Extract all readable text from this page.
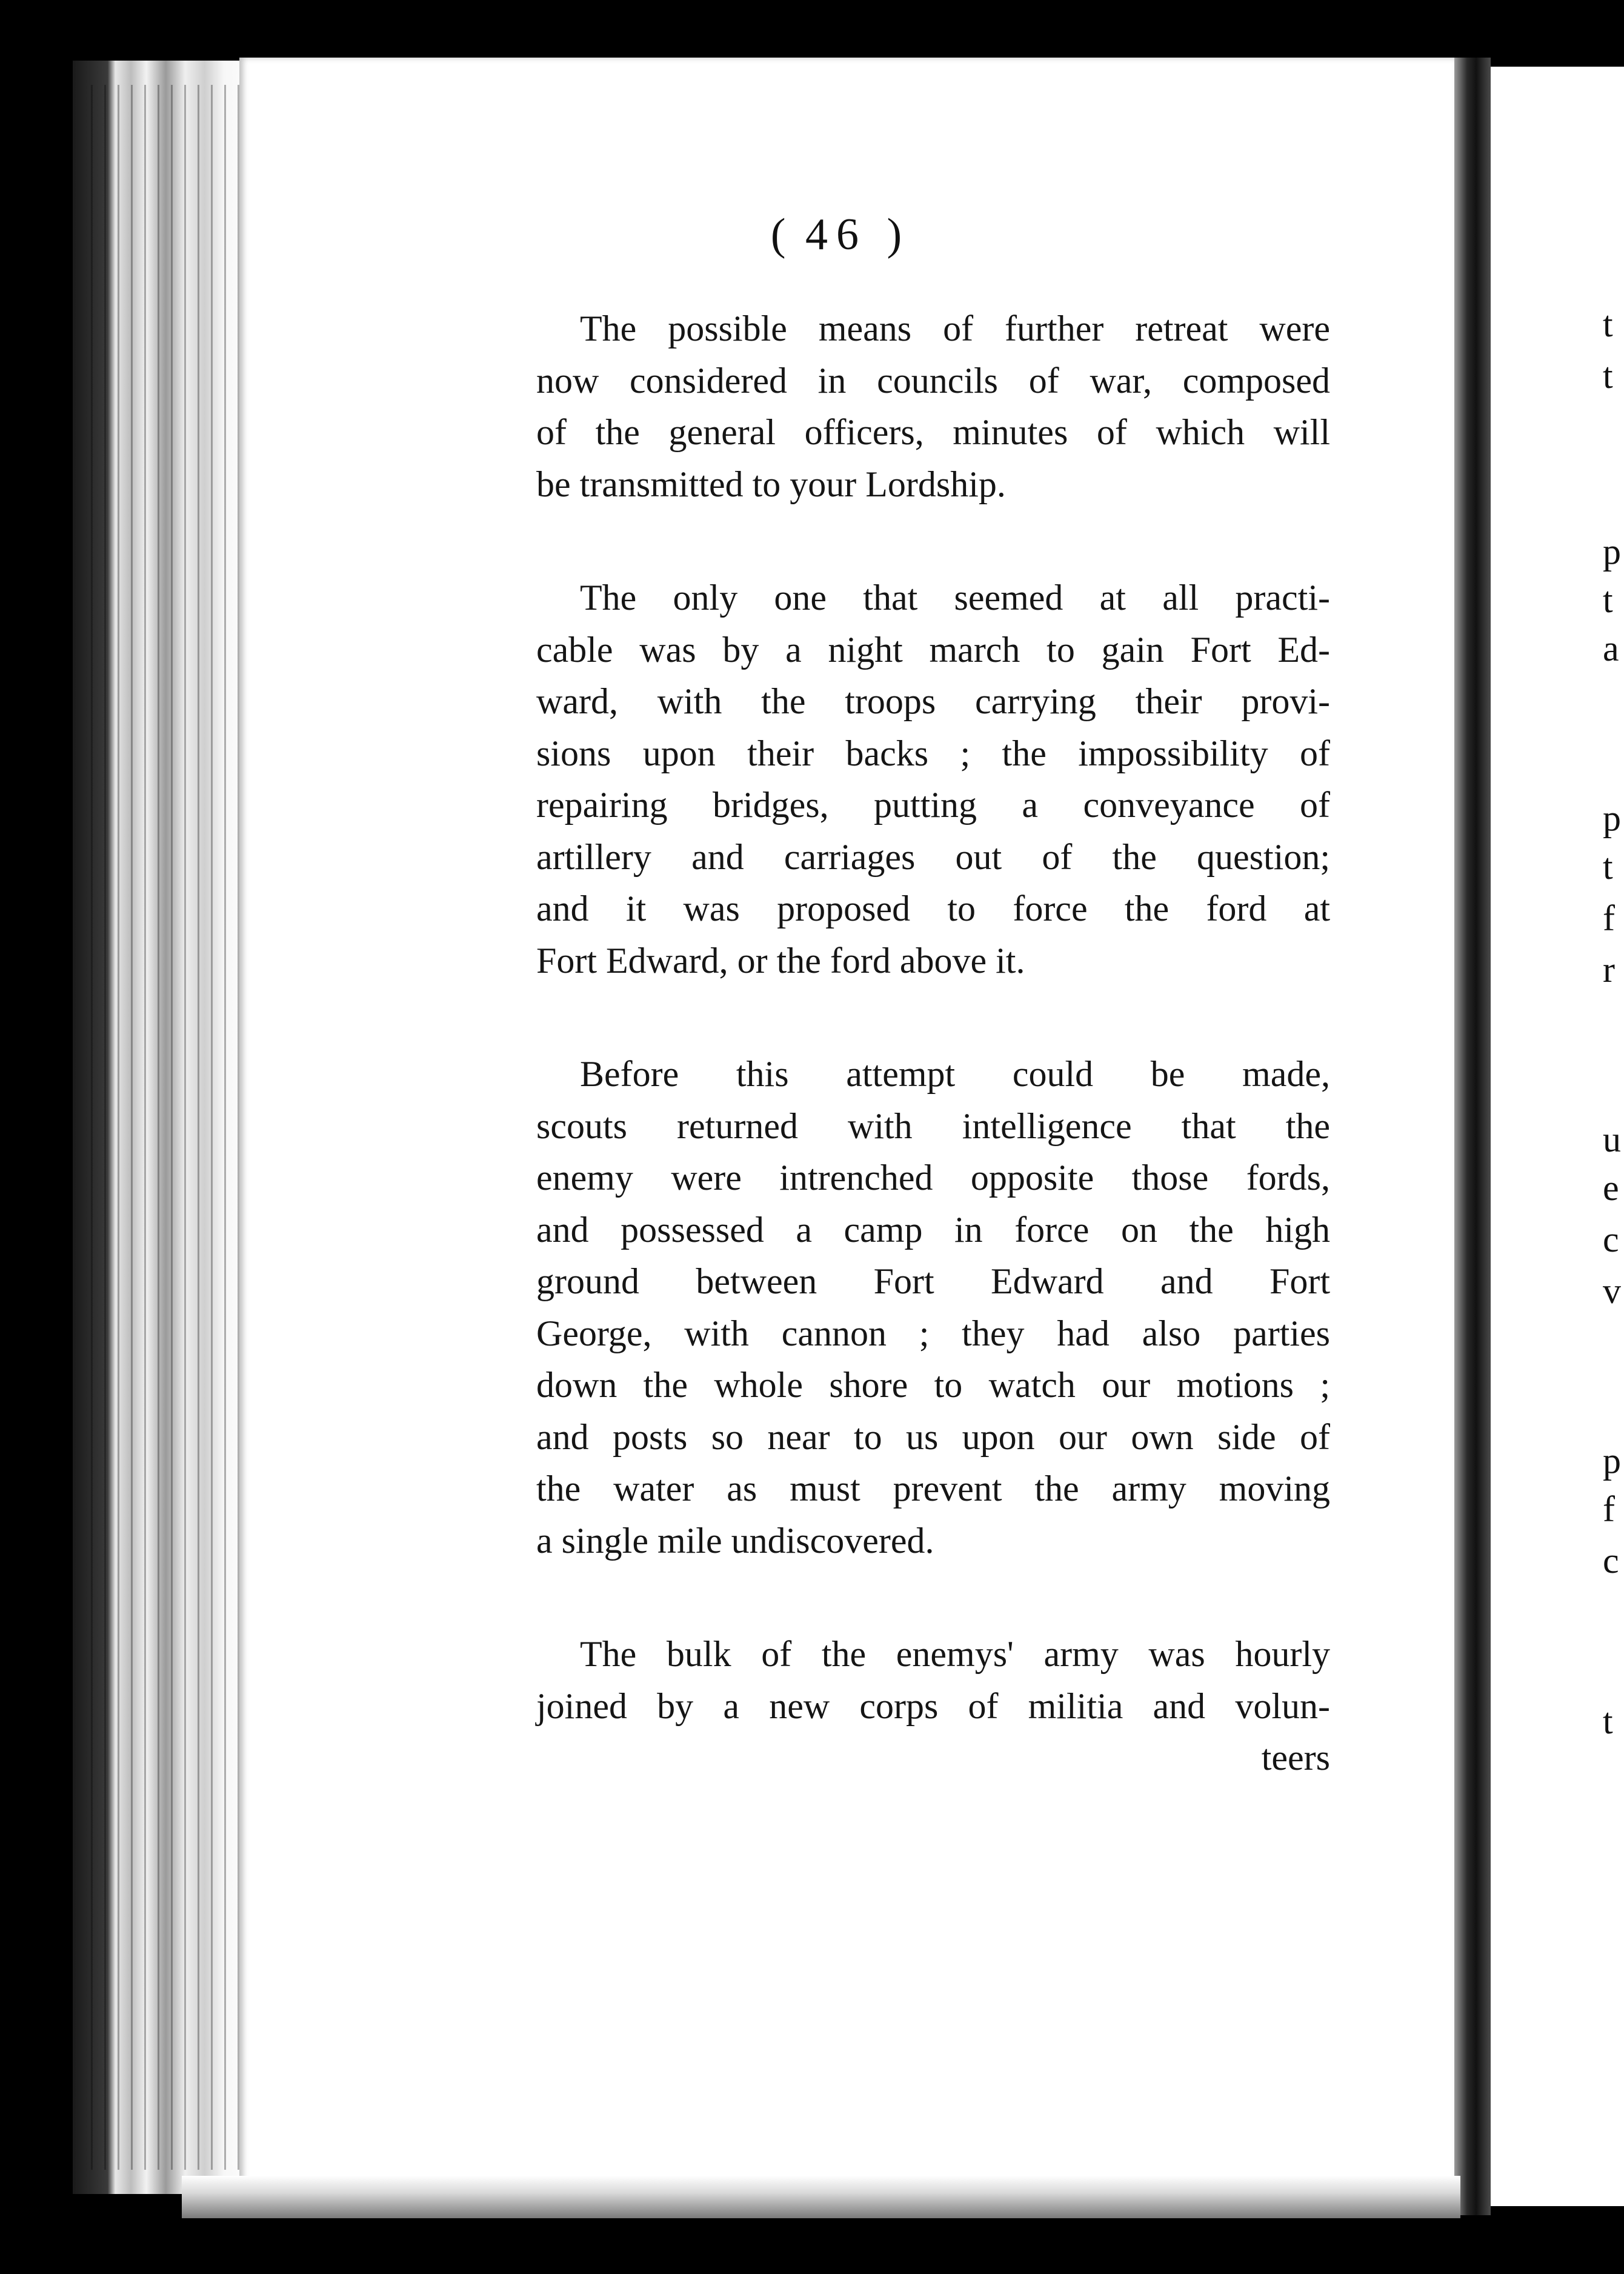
( 46 )
The possible means of further retreat were
now considered in councils of war, composed
of the general officers, minutes of which will
be transmitted to your Lordship.
The only one that seemed at all practi-
cable was by a night march to gain Fort Ed-
ward, with the troops carrying their provi-
sions upon their backs ; the impossibility of
repairing bridges, putting a conveyance of
artillery and carriages out of the question;
and it was proposed to force the ford at
Fort Edward, or the ford above it.
Before this attempt could be made,
scouts returned with intelligence that the
enemy were intrenched opposite those fords,
and possessed a camp in force on the high
ground between Fort Edward and Fort
George, with cannon ; they had also parties
down the whole shore to watch our motions ;
and posts so near to us upon our own side of
the water as must prevent the army moving
a single mile undiscovered.
The bulk of the enemys' army was hourly
joined by a new corps of militia and volun-
teers
t
t
p
t
a
p
t
f
r
u
e
c
v
p
f
c
t
